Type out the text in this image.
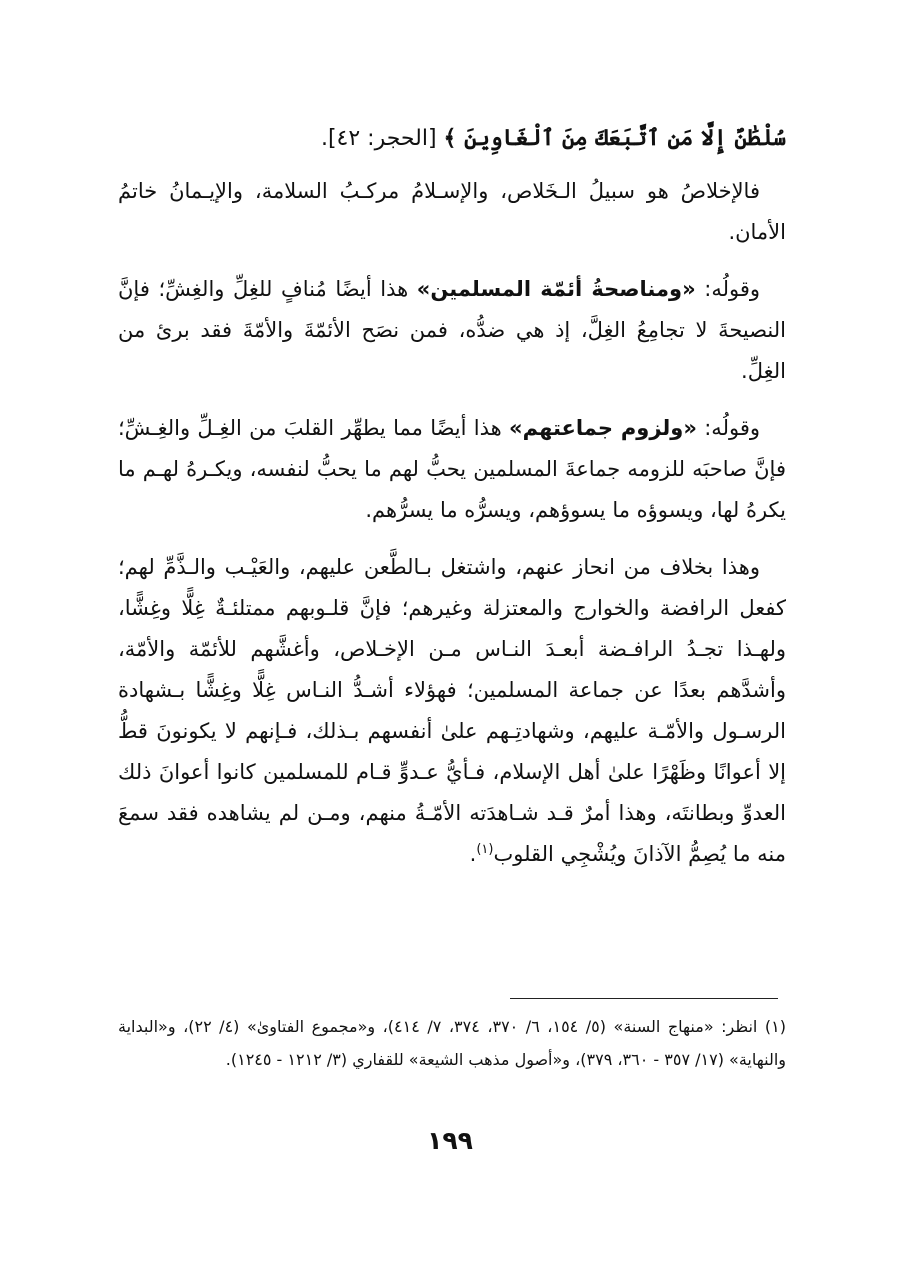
سُلْطَٰنٌ إِلَّا مَنِ ٱتَّبَعَكَ مِنَ ٱلْغَاوِينَ ﴾ [الحجر: ٤٢].

فالإخلاصُ هو سبيلُ الـخَلاص، والإسـلامُ مركـبُ السلامة، والإيـمانُ خاتمُ الأمان.

وقولُه: «ومناصحةُ أئمّة المسلمين» هذا أيضًا مُنافٍ للغِلِّ والغِشِّ؛ فإنَّ النصيحةَ لا تجامِعُ الغِلَّ، إذ هي ضدُّه، فمن نصَح الأئمّةَ والأمّةَ فقد برئ من الغِلِّ.

وقولُه: «ولزوم جماعتهم» هذا أيضًا مما يطهِّر القلبَ من الغِـلِّ والغِـشِّ؛ فإنَّ صاحبَه للزومه جماعةَ المسلمين يحبُّ لهم ما يحبُّ لنفسه، ويكـرهُ لهـم ما يكرهُ لها، ويسوؤه ما يسوؤهم، ويسرُّه ما يسرُّهم.

وهذا بخلاف من انحاز عنهم، واشتغل بـالطَّعن عليهم، والعَيْـب والـذَّمِّ لهم؛ كفعل الرافضة والخوارج والمعتزلة وغيرهم؛ فإنَّ قلـوبهم ممتلئـةٌ غِلًّا وغِشًّا، ولهـذا تجـدُ الرافـضة أبعـدَ النـاس مـن الإخـلاص، وأغشَّهم للأئمّة والأمّة، وأشدَّهم بعدًا عن جماعة المسلمين؛ فهؤلاء أشـدُّ النـاس غِلًّا وغِشًّا بـشهادة الرسـول والأمّـة عليهم، وشهادتِـهم علىٰ أنفسهم بـذلك، فـإنهم لا يكونونَ قطُّ إلا أعوانًا وظَهْرًا علىٰ أهل الإسلام، فـأيُّ عـدوٍّ قـام للمسلمين كانوا أعوانَ ذلك العدوِّ وبطانتَه، وهذا أمرٌ قـد شـاهدَته الأمّـةُ منهم، ومـن لم يشاهده فقد سمعَ منه ما يُصِمُّ الآذانَ ويُشْجِي القلوب$^{(١)}$.

(١) انظر: «منهاج السنة» (٥/ ١٥٤، ٦/ ٣٧٠، ٣٧٤، ٧/ ٤١٤)، و«مجموع الفتاوىٰ» (٤/ ٢٢)، و«البداية والنهاية» (١٧/ ٣٥٧ - ٣٦٠، ٣٧٩)، و«أصول مذهب الشيعة» للقفاري (٣/ ١٢١٢ - ١٢٤٥).
١٩٩
